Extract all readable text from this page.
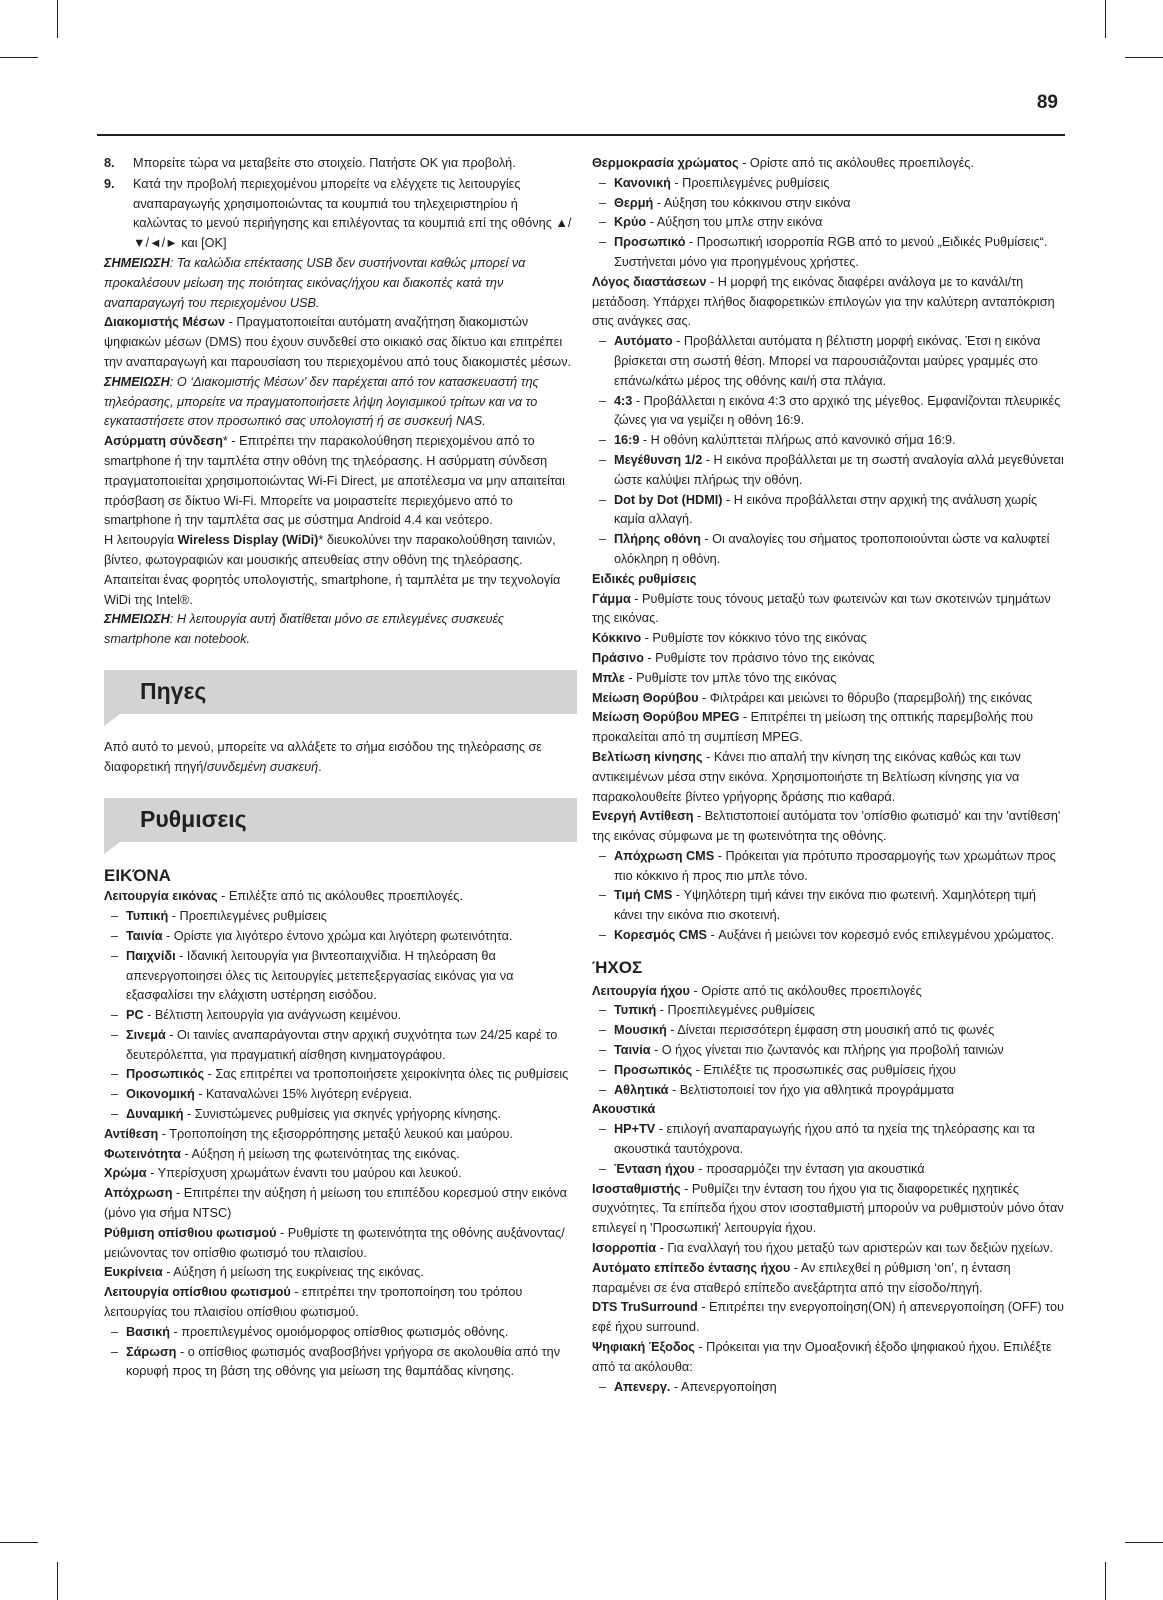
89
8.	Μπορείτε τώρα να μεταβείτε στο στοιχείο. Πατήστε OK για προβολή.
9.	Κατά την προβολή περιεχομένου μπορείτε να ελέγχετε τις λειτουργίες αναπαραγωγής χρησιμοποιώντας τα κουμπιά του τηλεχειριστηρίου ή καλώντας το μενού περιήγησης και επιλέγοντας τα κουμπιά επί της οθόνης ▲/▼/◄/► και [OK]

ΣΗΜΕΙΩΣΗ: Τα καλώδια επέκτασης USB δεν συστήνονται καθώς μπορεί να προκαλέσουν μείωση της ποιότητας εικόνας/ήχου και διακοπές κατά την αναπαραγωγή του περιεχομένου USB.

Διακομιστής Μέσων - Πραγματοποιείται αυτόματη αναζήτηση διακομιστών ψηφιακών μέσων (DMS) που έχουν συνδεθεί στο οικιακό σας δίκτυο και επιτρέπει την αναπαραγωγή και παρουσίαση του περιεχομένου από τους διακομιστές μέσων.

ΣΗΜΕΙΩΣΗ: Ο ‘Διακομιστής Μέσων’ δεν παρέχεται από τον κατασκευαστή της τηλεόρασης, μπορείτε να πραγματοποιήσετε λήψη λογισμικού τρίτων και να το εγκαταστήσετε στον προσωπικό σας υπολογιστή ή σε συσκευή NAS.

Ασύρματη σύνδεση* - Επιτρέπει την παρακολούθηση περιεχομένου από το smartphone ή την ταμπλέτα στην οθόνη της τηλεόρασης. Η ασύρματη σύνδεση πραγματοποιείται χρησιμοποιώντας Wi-Fi Direct, με αποτέλεσμα να μην απαιτείται πρόσβαση σε δίκτυο Wi-Fi. Μπορείτε να μοιραστείτε περιεχόμενο από το smartphone ή την ταμπλέτα σας με σύστημα Android 4.4 και νεότερο.

Η λειτουργία Wireless Display (WiDi)* διευκολύνει την παρακολούθηση ταινιών, βίντεο, φωτογραφιών και μουσικής απευθείας στην οθόνη της τηλεόρασης. Απαιτείται ένας φορητός υπολογιστής, smartphone, ή ταμπλέτα με την τεχνολογία WiDi της Intel®.

ΣΗΜΕΙΩΣΗ: Η λειτουργία αυτή διατίθεται μόνο σε επιλεγμένες συσκευές smartphone και notebook.

Πηγες

Από αυτό το μενού, μπορείτε να αλλάξετε το σήμα εισόδου της τηλεόρασης σε διαφορετική πηγή/συνδεμένη συσκευή.

Ρυθμισεις
ΕΙΚΌΝΑ

Λειτουργία εικόνας - Επιλέξτε από τις ακόλουθες προεπιλογές.

– Τυπική - Προεπιλεγμένες ρυθμίσεις
– Ταινία - Ορίστε για λιγότερο έντονο χρώμα και λιγότερη φωτεινότητα.
– Παιχνίδι - Ιδανική λειτουργία για βιντεοπαιχνίδια. Η τηλεόραση θα απενεργοποιησει όλες τις λειτουργίες μετεπεξεργασίας εικόνας για να εξασφαλίσει την ελάχιστη υστέρηση εισόδου.
– PC - Βέλτιστη λειτουργία για ανάγνωση κειμένου.
– Σινεμά - Οι ταινίες αναπαράγονται στην αρχική συχνότητα των 24/25 καρέ το δευτερόλεπτα, για πραγματική αίσθηση κινηματογράφου.
– Προσωπικός - Σας επιτρέπει να τροποποιήσετε χειροκίνητα όλες τις ρυθμίσεις
– Οικονομική - Καταναλώνει 15% λιγότερη ενέργεια.
– Δυναμική - Συνιστώμενες ρυθμίσεις για σκηνές γρήγορης κίνησης.

Αντίθεση - Τροποποίηση της εξισορρόπησης μεταξύ λευκού και μαύρου.

Φωτεινότητα - Αύξηση ή μείωση της φωτεινότητας της εικόνας.

Χρώμα - Υπερίσχυση χρωμάτων έναντι του μαύρου και λευκού.

Απόχρωση - Επιτρέπει την αύξηση ή μείωση του επιπέδου κορεσμού στην εικόνα (μόνο για σήμα NTSC)

Ρύθμιση οπίσθιου φωτισμού - Ρυθμίστε τη φωτεινότητα της οθόνης αυξάνοντας/μειώνοντας τον οπίσθιο φωτισμό του πλαισίου.

Ευκρίνεια - Αύξηση ή μείωση της ευκρίνειας της εικόνας.

Λειτουργία οπίσθιου φωτισμού - επιτρέπει την τροποποίηση του τρόπου λειτουργίας του πλαισίου οπίσθιου φωτισμού.

– Βασική - προεπιλεγμένος ομοιόμορφος οπίσθιος φωτισμός οθόνης.
– Σάρωση - ο οπίσθιος φωτισμός αναβοσβήνει γρήγορα σε ακολουθία από την κορυφή προς τη βάση της οθόνης για μείωση της θαμπάδας κίνησης.

Θερμοκρασία χρώματος - Ορίστε από τις ακόλουθες προεπιλογές.

– Κανονική - Προεπιλεγμένες ρυθμίσεις
– Θερμή - Αύξηση του κόκκινου στην εικόνα
– Κρύο - Αύξηση του μπλε στην εικόνα
– Προσωπικό - Προσωπική ισορροπία RGB από το μενού „Ειδικές Ρυθμίσεις“. Συστήνεται μόνο για προηγμένους χρήστες.

Λόγος διαστάσεων - Η μορφή της εικόνας διαφέρει ανάλογα με το κανάλι/τη μετάδοση. Υπάρχει πλήθος διαφορετικών επιλογών για την καλύτερη ανταπόκριση στις ανάγκες σας.

– Αυτόματο - Προβάλλεται αυτόματα η βέλτιστη μορφή εικόνας. Έτσι η εικόνα βρίσκεται στη σωστή θέση. Μπορεί να παρουσιάζονται μαύρες γραμμές στο επάνω/κάτω μέρος της οθόνης και/ή στα πλάγια.
– 4:3 - Προβάλλεται η εικόνα 4:3 στο αρχικό της μέγεθος. Εμφανίζονται πλευρικές ζώνες για να γεμίζει η οθόνη 16:9.
– 16:9 - Η οθόνη καλύπτεται πλήρως από κανονικό σήμα 16:9.
– Μεγέθυνση 1/2 - Η εικόνα προβάλλεται με τη σωστή αναλογία αλλά μεγεθύνεται ώστε καλύψει πλήρως την οθόνη.
– Dot by Dot (HDMI) - Η εικόνα προβάλλεται στην αρχική της ανάλυση χωρίς καμία αλλαγή.
– Πλήρης οθόνη - Οι αναλογίες του σήματος τροποποιούνται ώστε να καλυφτεί ολόκληρη η οθόνη.

Ειδικές ρυθμίσεις

Γάμμα - Ρυθμίστε τους τόνους μεταξύ των φωτεινών και των σκοτεινών τμημάτων της εικόνας.

Κόκκινο - Ρυθμίστε τον κόκκινο τόνο της εικόνας

Πράσινο - Ρυθμίστε τον πράσινο τόνο της εικόνας

Μπλε - Ρυθμίστε τον μπλε τόνο της εικόνας

Μείωση Θορύβου - Φιλτράρει και μειώνει το θόρυβο (παρεμβολή) της εικόνας

Μείωση Θορύβου MPEG - Επιτρέπει τη μείωση της οπτικής παρεμβολής που προκαλείται από τη συμπίεση MPEG.

Βελτίωση κίνησης - Κάνει πιο απαλή την κίνηση της εικόνας καθώς και των αντικειμένων μέσα στην εικόνα. Χρησιμοποιήστε τη Βελτίωση κίνησης για να παρακολουθείτε βίντεο γρήγορης δράσης πιο καθαρά.

Ενεργή Αντίθεση - Βελτιστοποιεί αυτόματα τον 'οπίσθιο φωτισμό' και την 'αντίθεση' της εικόνας σύμφωνα με τη φωτεινότητα της οθόνης.

– Απόχρωση CMS - Πρόκειται για πρότυπο προσαρμογής των χρωμάτων προς πιο κόκκινο ή προς πιο μπλε τόνο.
– Τιμή CMS - Υψηλότερη τιμή κάνει την εικόνα πιο φωτεινή. Χαμηλότερη τιμή κάνει την εικόνα πιο σκοτεινή.
– Κορεσμός CMS - Αυξάνει ή μειώνει τον κορεσμό ενός επιλεγμένου χρώματος.
ΉΧΟΣ

Λειτουργία ήχου - Ορίστε από τις ακόλουθες προεπιλογές

– Τυπική - Προεπιλεγμένες ρυθμίσεις
– Μουσική - Δίνεται περισσότερη έμφαση στη μουσική από τις φωνές
– Ταινία - Ο ήχος γίνεται πιο ζωντανός και πλήρης για προβολή ταινιών
– Προσωπικός - Επιλέξτε τις προσωπικές σας ρυθμίσεις ήχου
– Αθλητικά - Βελτιστοποιεί τον ήχο για αθλητικά προγράμματα

Ακουστικά

– HP+TV - επιλογή αναπαραγωγής ήχου από τα ηχεία της τηλεόρασης και τα ακουστικά ταυτόχρονα.
– Ένταση ήχου - προσαρμόζει την ένταση για ακουστικά

Ισοσταθμιστής - Ρυθμίζει την ένταση του ήχου για τις διαφορετικές ηχητικές συχνότητες. Τα επίπεδα ήχου στον ισοσταθμιστή μπορούν να ρυθμιστούν μόνο όταν επιλεγεί η 'Προσωπική' λειτουργία ήχου.

Ισορροπία - Για εναλλαγή του ήχου μεταξύ των αριστερών και των δεξιών ηχείων.

Αυτόματο επίπεδο έντασης ήχου - Αν επιλεχθεί η ρύθμιση ‘on’, η ένταση παραμένει σε ένα σταθερό επίπεδο ανεξάρτητα από την είσοδο/πηγή.

DTS TruSurround - Επιτρέπει την ενεργοποίηση(ON) ή απενεργοποίηση (OFF) του εφέ ήχου surround.

Ψηφιακή Έξοδος - Πρόκειται για την Ομοαξονική έξοδο ψηφιακού ήχου. Επιλέξτε από τα ακόλουθα:

– Απενεργ. - Απενεργοποίηση
